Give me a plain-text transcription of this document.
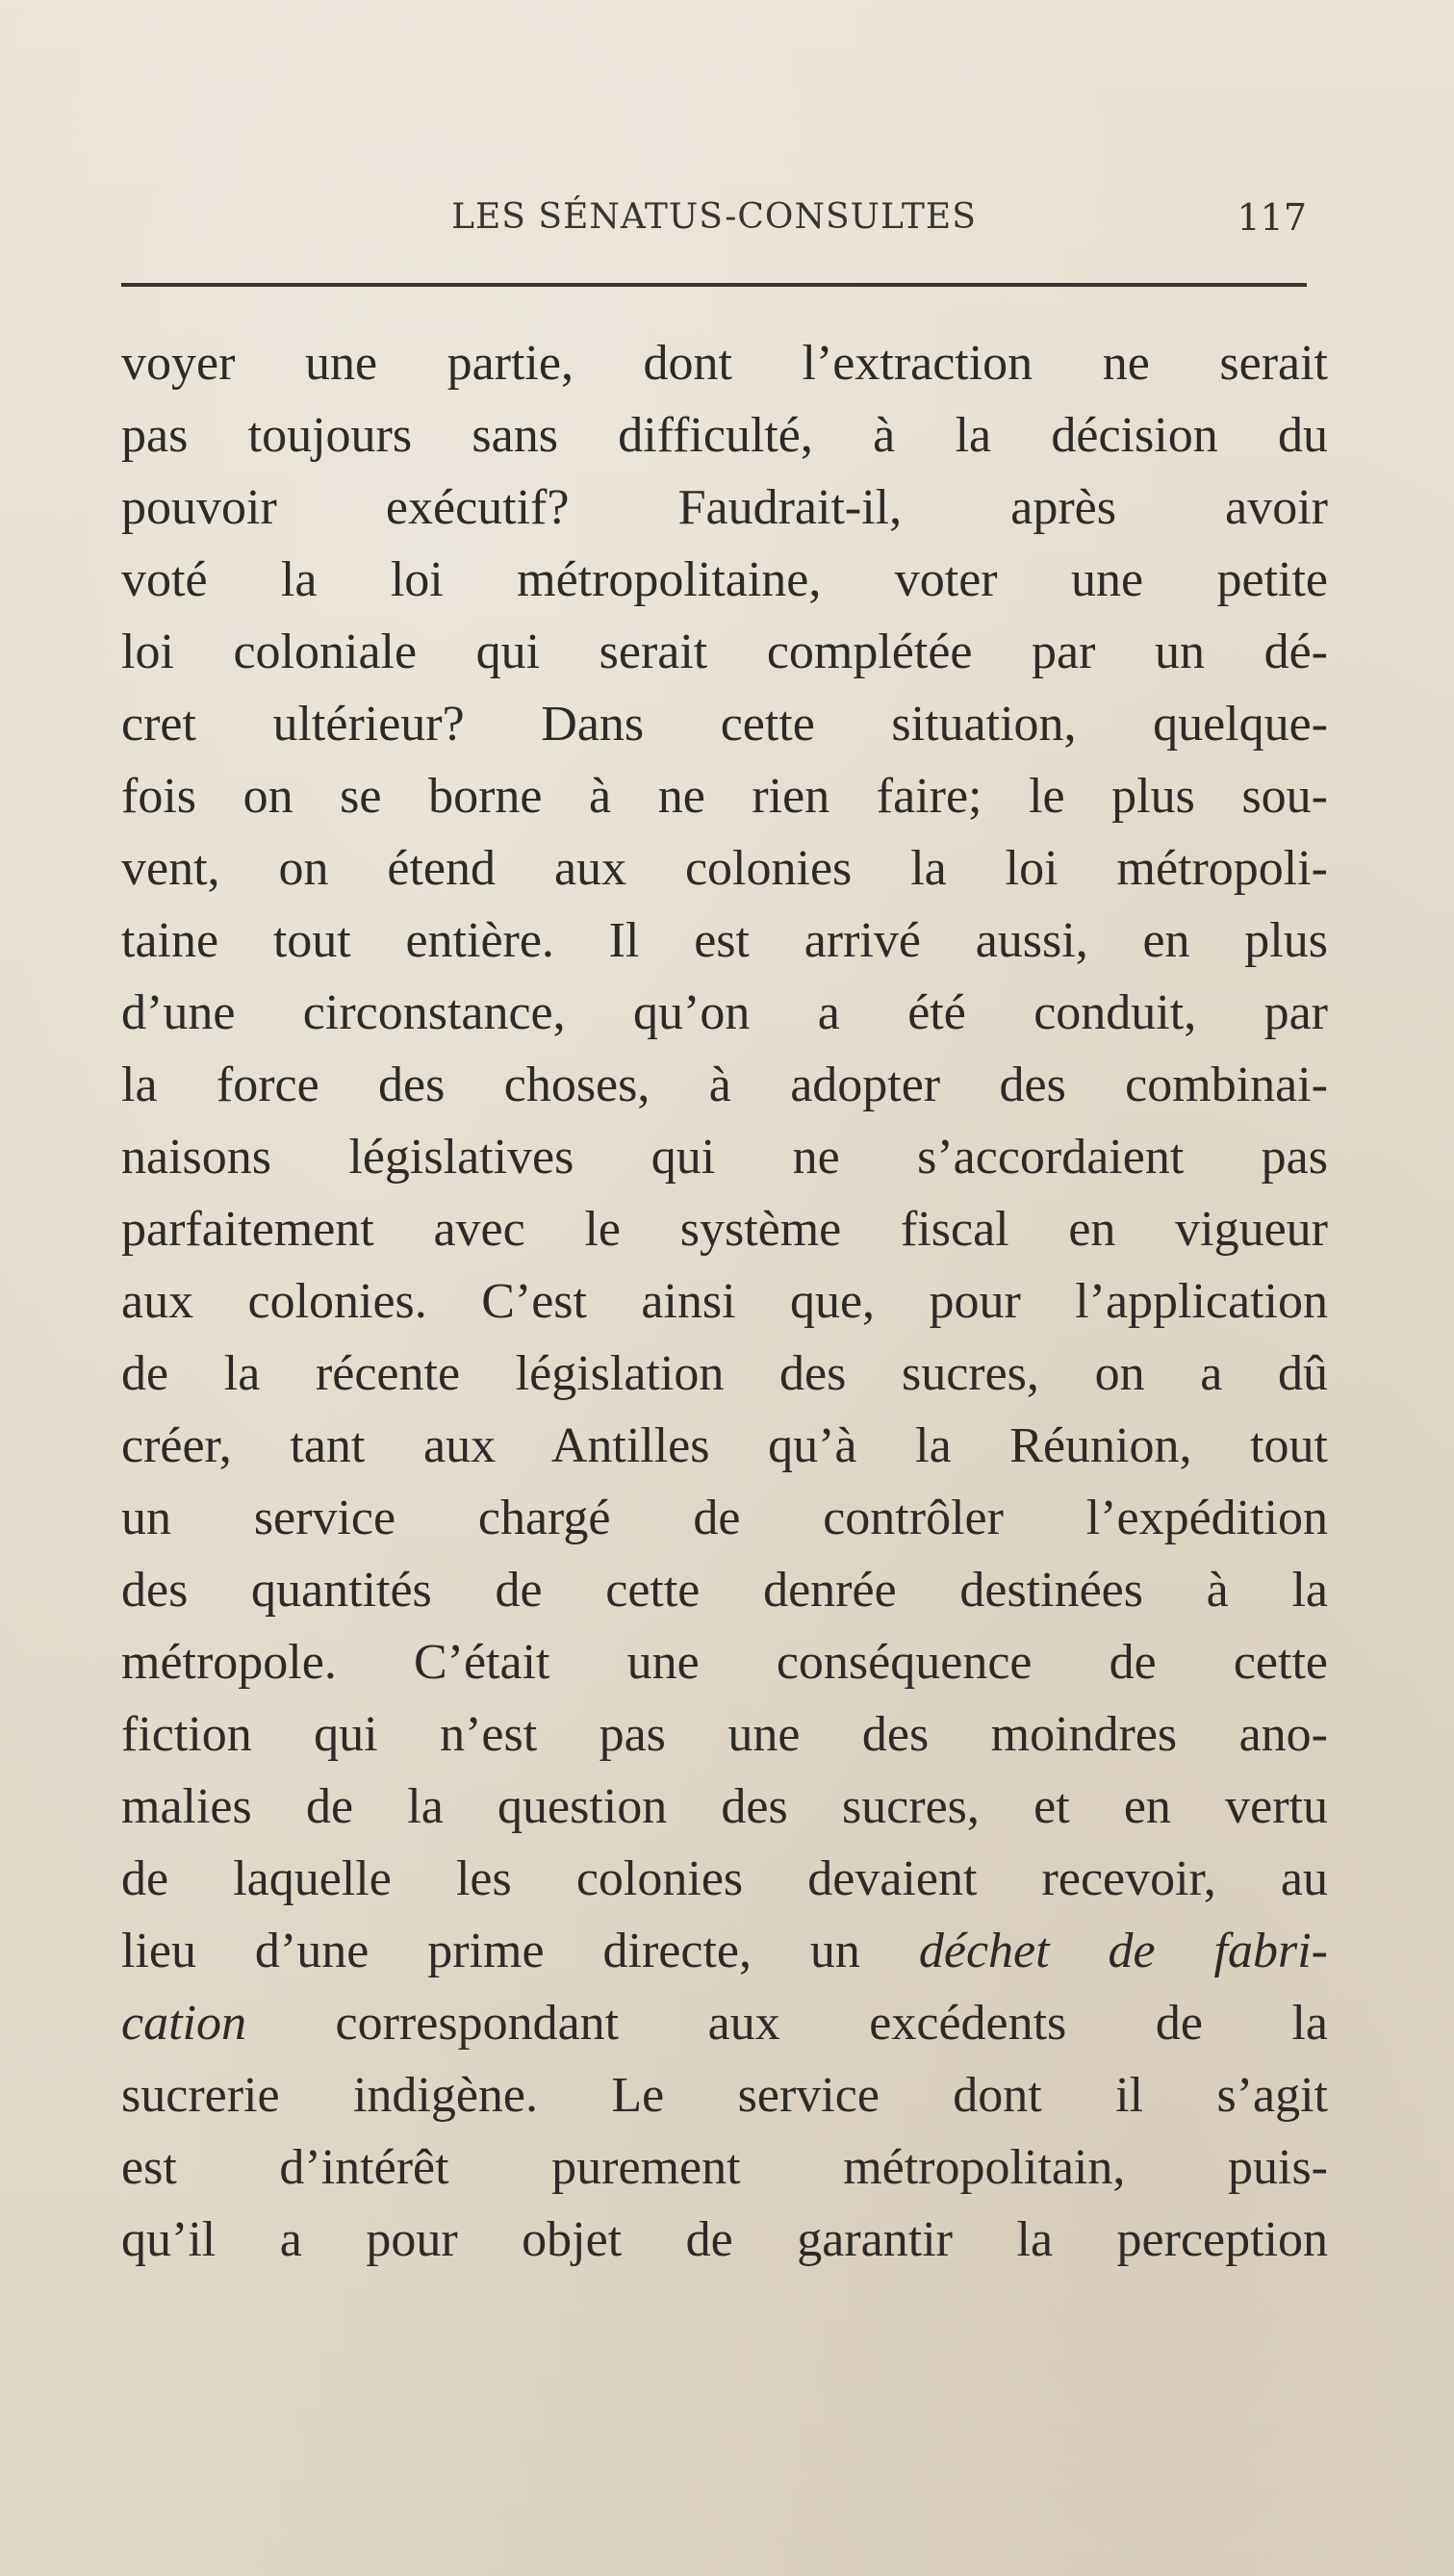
LES SÉNATUS-CONSULTES	117
voyer une partie, dont l’extraction ne serait
pas toujours sans difficulté, à la décision du
pouvoir exécutif? Faudrait-il, après avoir
voté la loi métropolitaine, voter une petite
loi coloniale qui serait complétée par un dé-
cret ultérieur? Dans cette situation, quelque-
fois on se borne à ne rien faire; le plus sou-
vent, on étend aux colonies la loi métropoli-
taine tout entière. Il est arrivé aussi, en plus
d’une circonstance, qu’on a été conduit, par
la force des choses, à adopter des combinai-
naisons législatives qui ne s’accordaient pas
parfaitement avec le système fiscal en vigueur
aux colonies. C’est ainsi que, pour l’application
de la récente législation des sucres, on a dû
créer, tant aux Antilles qu’à la Réunion, tout
un service chargé de contrôler l’expédition
des quantités de cette denrée destinées à la
métropole. C’était une conséquence de cette
fiction qui n’est pas une des moindres ano-
malies de la question des sucres, et en vertu
de laquelle les colonies devaient recevoir, au
lieu d’une prime directe, un déchet de fabri-
cation correspondant aux excédents de la
sucrerie indigène. Le service dont il s’agit
est d’intérêt purement métropolitain, puis-
qu’il a pour objet de garantir la perception
